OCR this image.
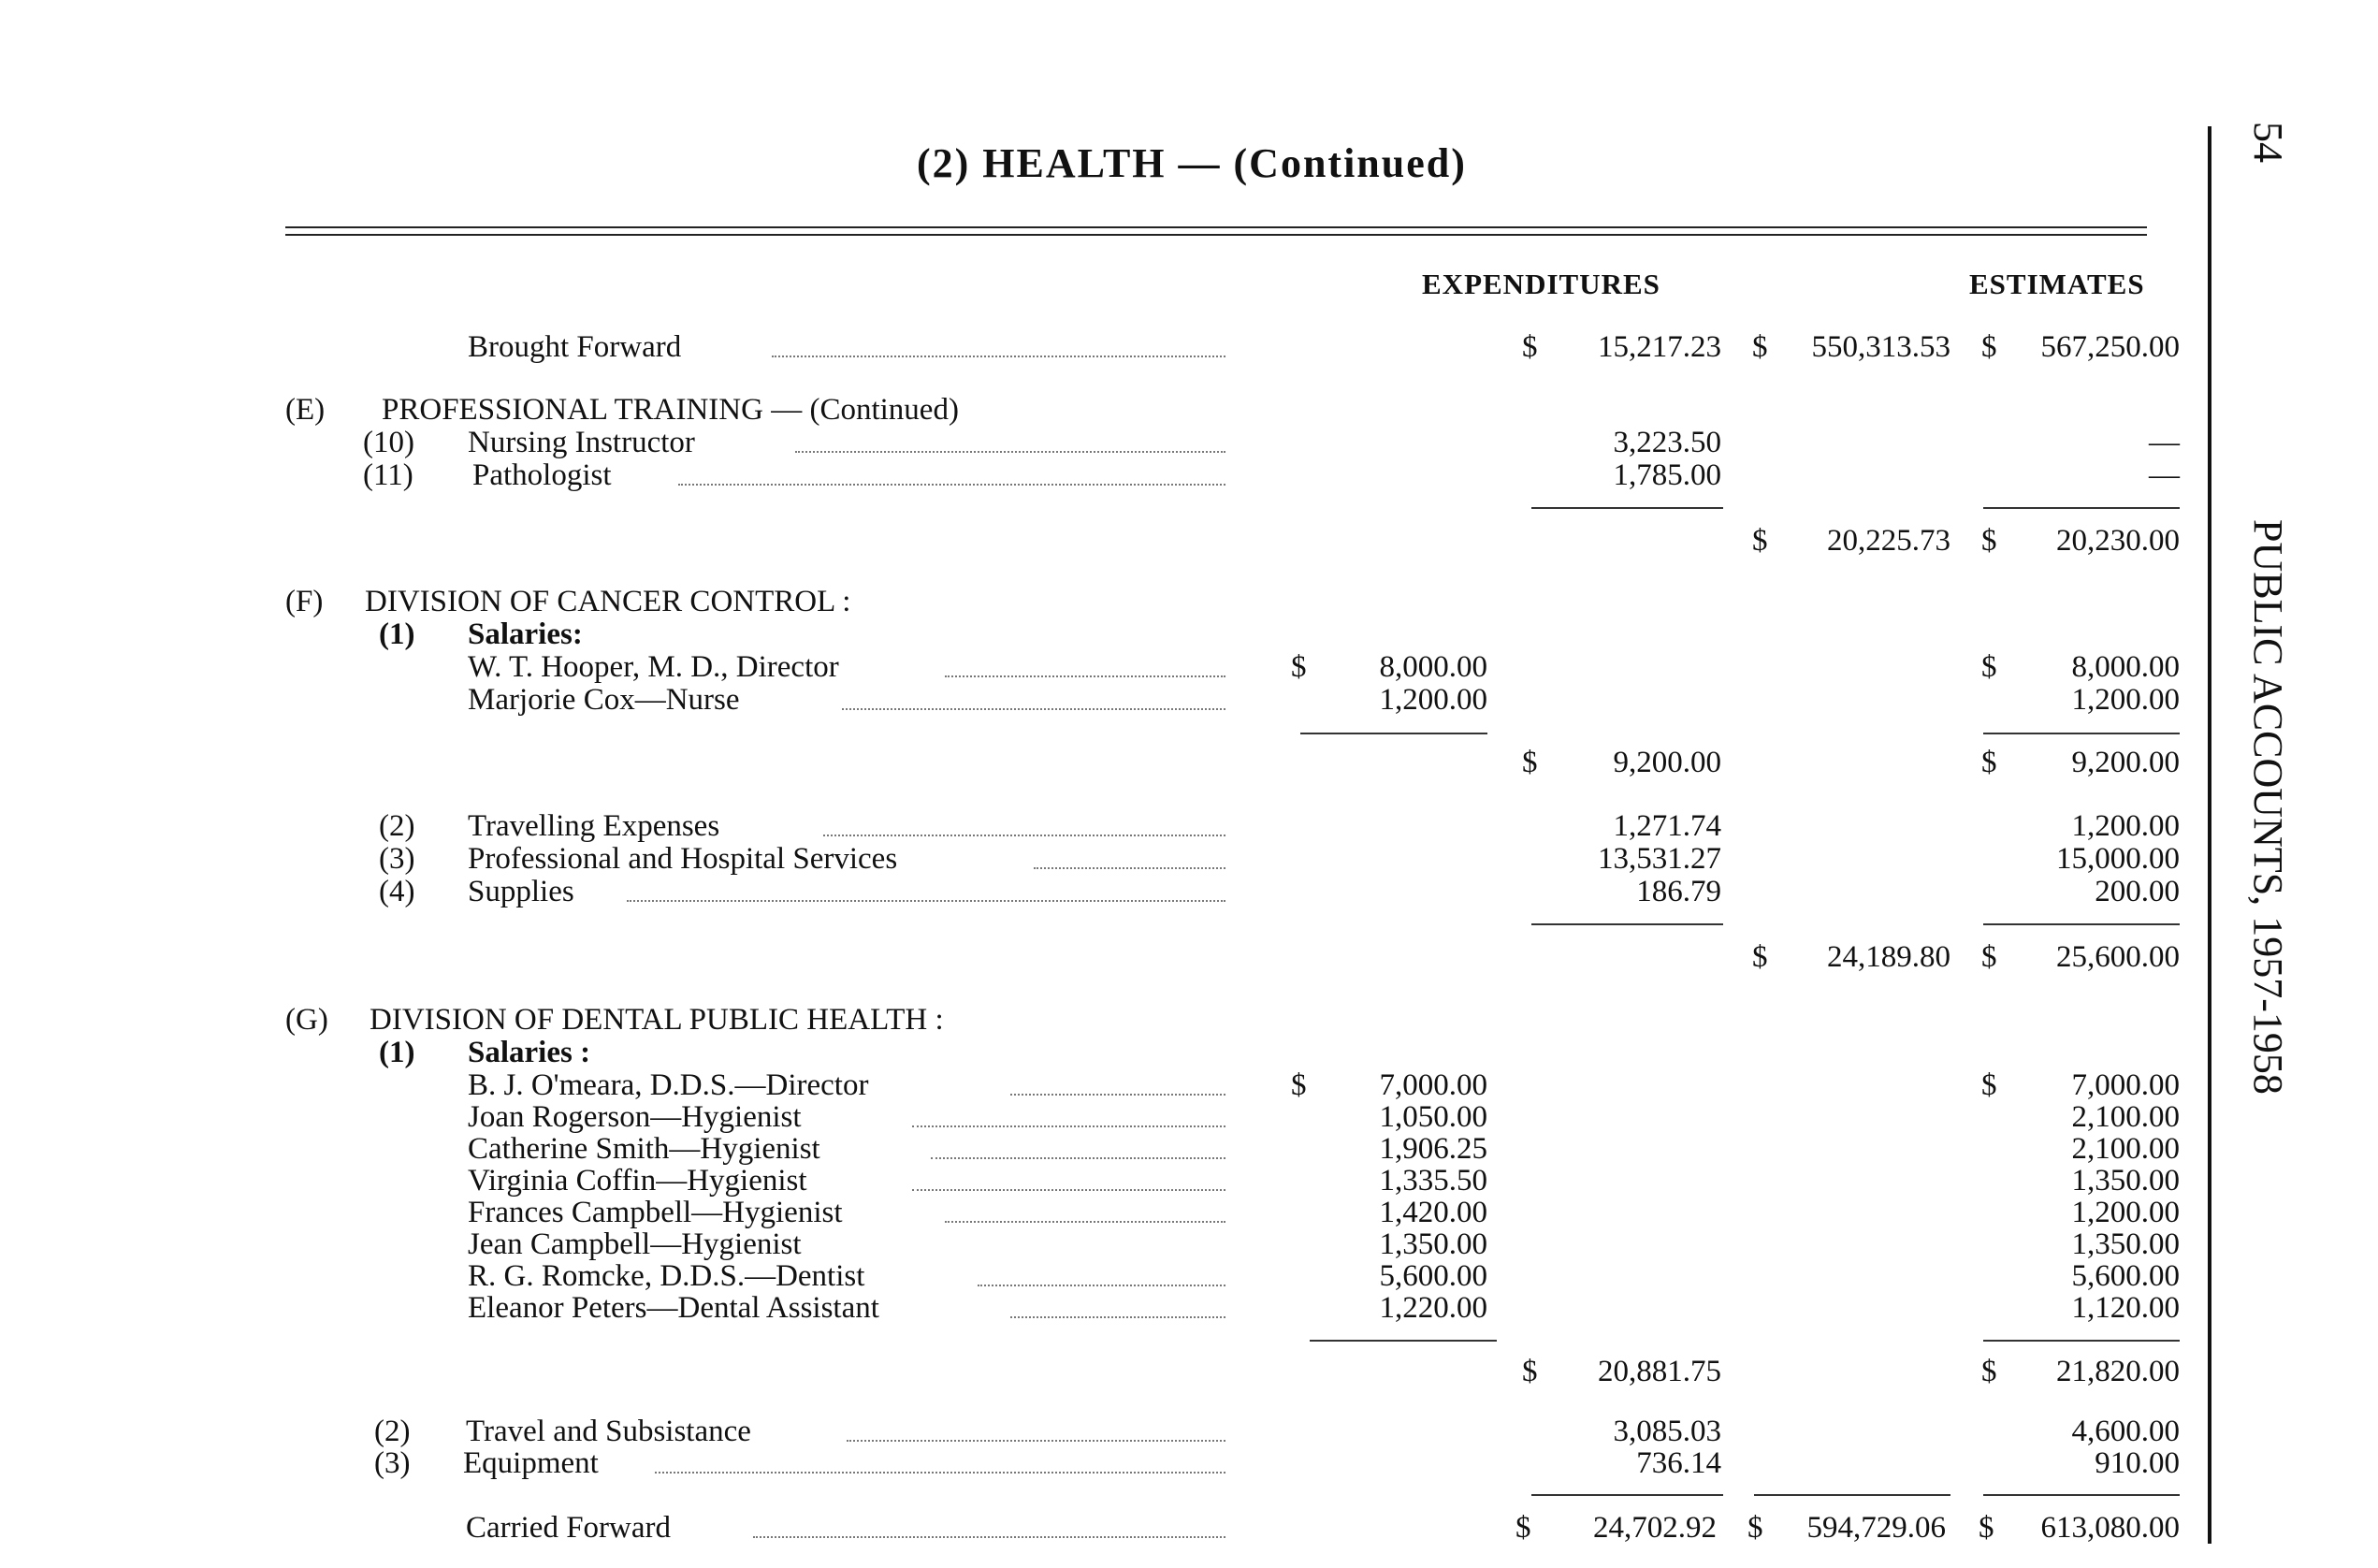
(2) HEALTH — (Continued)	54
PUBLIC ACCOUNTS, 1957-1958
EXPENDITURES	ESTIMATES
Brought Forward	$	15,217.23 $	550,313.53 $	567,250.00
(E) PROFESSIONAL TRAINING — (Continued)
(10) Nursing Instructor	3,223.50	—
(11) Pathologist	1,785.00	—
$	20,225.73 $	20,230.00
(F) DIVISION OF CANCER CONTROL :
(1) Salaries:
W. T. Hooper, M. D., Director	$	8,000.00	$	8,000.00
Marjorie Cox—Nurse	1,200.00	1,200.00
$	9,200.00	$	9,200.00
(2) Travelling Expenses	1,271.74	1,200.00
(3) Professional and Hospital Services	13,531.27	15,000.00
(4) Supplies	186.79	200.00
$	24,189.80 $	25,600.00
(G) DIVISION OF DENTAL PUBLIC HEALTH :
(1) Salaries :
B. J. O'meara, D.D.S.—Director	$	7,000.00	$	7,000.00
Joan Rogerson—Hygienist	1,050.00	2,100.00
Catherine Smith—Hygienist	1,906.25	2,100.00
Virginia Coffin—Hygienist	1,335.50	1,350.00
Frances Campbell—Hygienist	1,420.00	1,200.00
Jean Campbell—Hygienist	1,350.00	1,350.00
R. G. Romcke, D.D.S.—Dentist	5,600.00	5,600.00
Eleanor Peters—Dental Assistant	1,220.00	1,120.00
$	20,881.75	$	21,820.00
(2) Travel and Subsistance	3,085.03	4,600.00
(3) Equipment	736.14	910.00
Carried Forward	$	24,702.92 $	594,729.06 $	613,080.00
